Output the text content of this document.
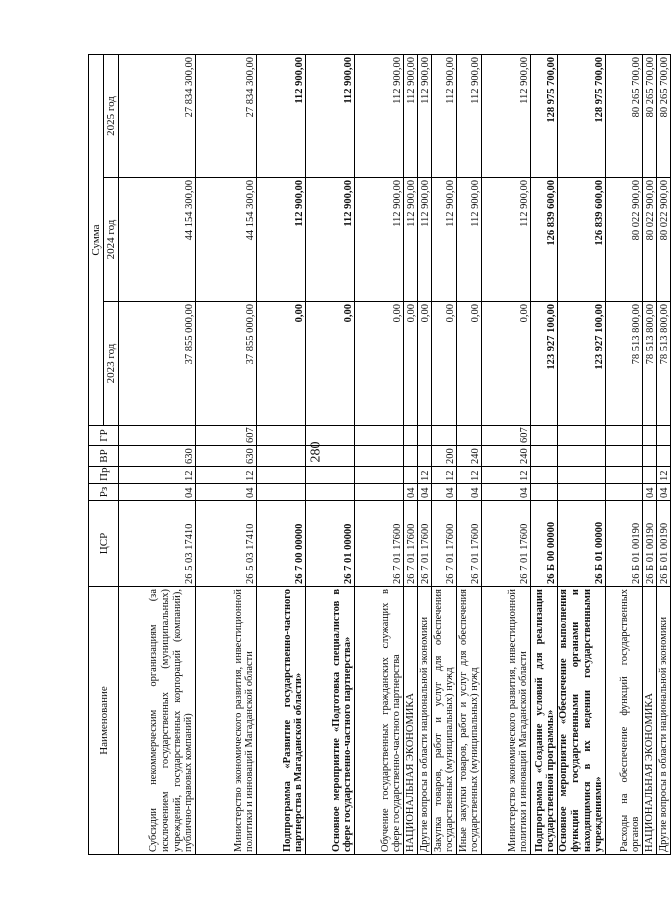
280
Наименование	ЦСР	Рз	Пр	ВР	ГР	Сумма		
						2023 год	2024 год	2025 год
Субсидии некоммерческим организациям (за исключением государственных (муниципальных) учреждений, государственных корпораций (компаний), публично-правовых компаний)	26 5 03 17410	04	12	630		37 855 000,00	44 154 300,00	27 834 300,00
Министерство экономического развития, инвестиционной политики и инноваций Магаданской области	26 5 03 17410	04	12	630	607	37 855 000,00	44 154 300,00	27 834 300,00
Подпрограмма «Развитие государственно-частного партнерства в Магаданской области»	26 7 00 00000					0,00	112 900,00	112 900,00
Основное мероприятие «Подготовка специалистов в сфере государственно-частного партнерства»	26 7 01 00000					0,00	112 900,00	112 900,00
Обучение государственных гражданских служащих в сфере государственно-частного партнерства	26 7 01 17600					0,00	112 900,00	112 900,00
НАЦИОНАЛЬНАЯ ЭКОНОМИКА	26 7 01 17600	04				0,00	112 900,00	112 900,00
Другие вопросы в области национальной экономики	26 7 01 17600	04	12			0,00	112 900,00	112 900,00
Закупка товаров, работ и услуг для обеспечения государственных (муниципальных) нужд	26 7 01 17600	04	12	200		0,00	112 900,00	112 900,00
Иные закупки товаров, работ и услуг для обеспечения государственных (муниципальных) нужд	26 7 01 17600	04	12	240		0,00	112 900,00	112 900,00
Министерство экономического развития, инвестиционной политики и инноваций Магаданской области	26 7 01 17600	04	12	240	607	0,00	112 900,00	112 900,00
Подпрограмма «Создание условий для реализации государственной программы»	26 Б 00 00000					123 927 100,00	126 839 600,00	128 975 700,00
Основное мероприятие «Обеспечение выполнения функций государственными органами и находящимися в их ведении государственными учреждениями»	26 Б 01 00000					123 927 100,00	126 839 600,00	128 975 700,00
Расходы на обеспечение функций государственных органов	26 Б 01 00190					78 513 800,00	80 022 900,00	80 265 700,00
НАЦИОНАЛЬНАЯ ЭКОНОМИКА	26 Б 01 00190	04				78 513 800,00	80 022 900,00	80 265 700,00
Другие вопросы в области национальной экономики	26 Б 01 00190	04	12			78 513 800,00	80 022 900,00	80 265 700,00
